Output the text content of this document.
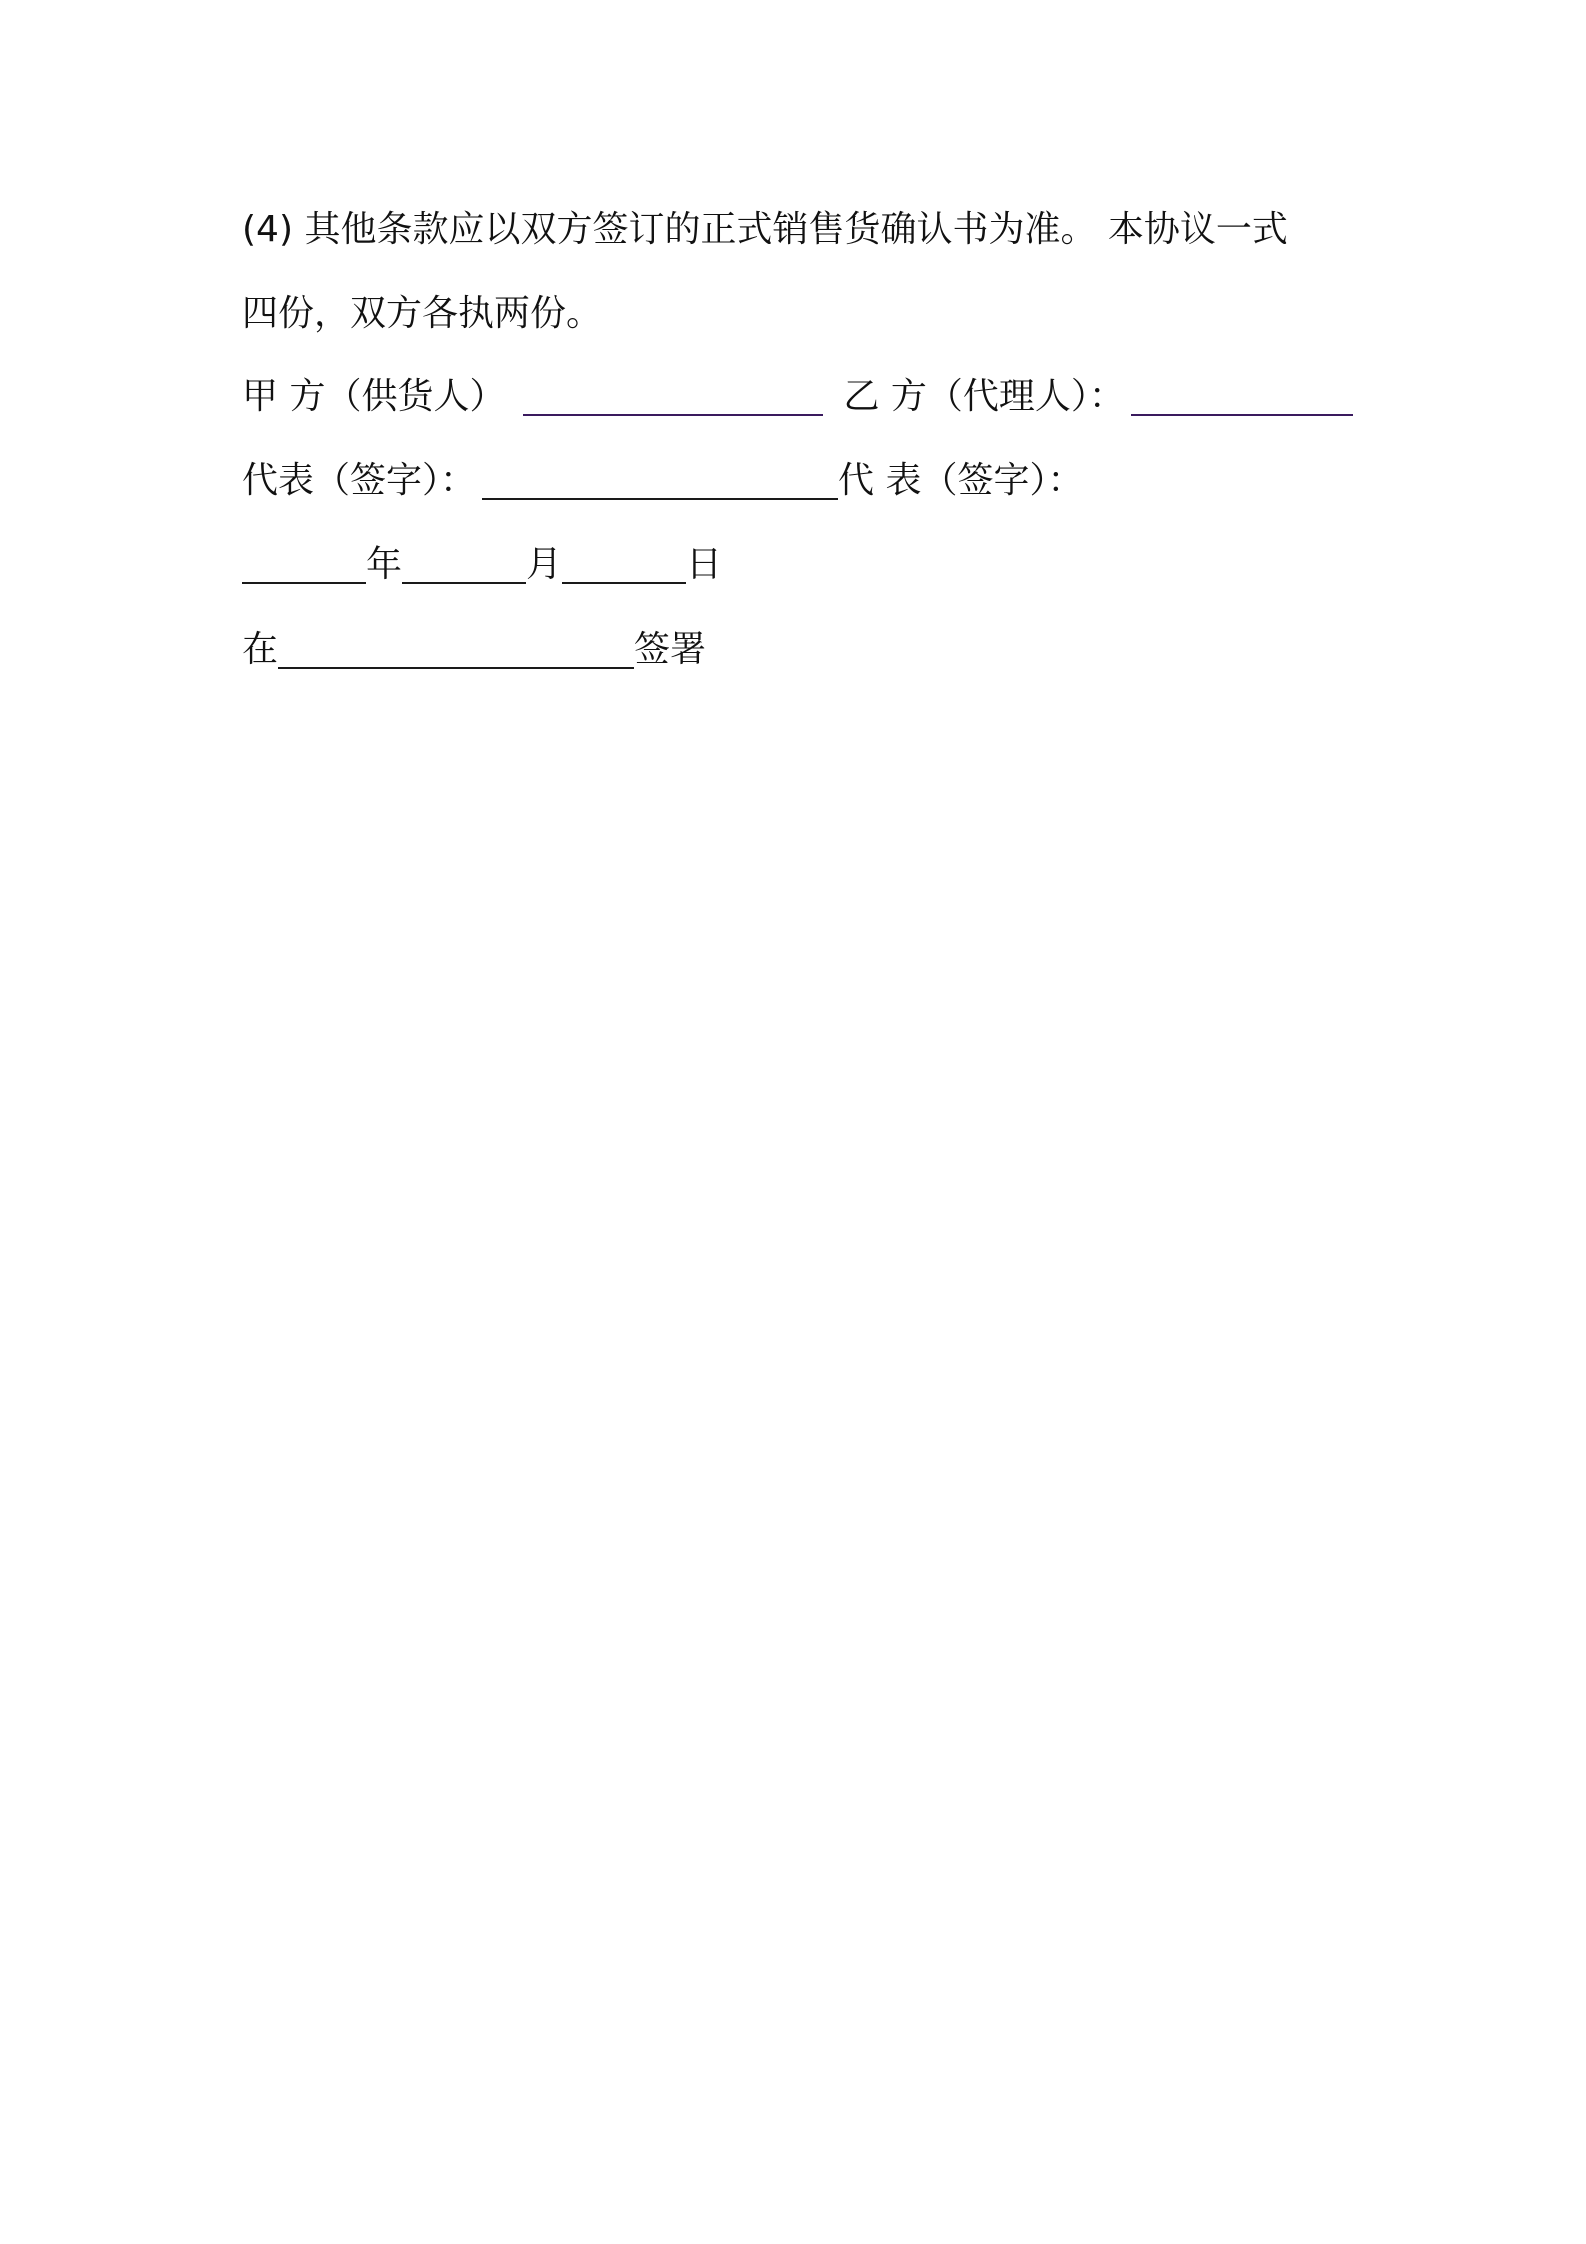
(4) 其他条款应以双方签订的正式销售货确认书为准。 本协议一式
四份，双方各执两份。
甲 方（供货人）	乙 方（代理人）：
代表（签字）：	代 表（签字）：
年	月	日
在	签署
